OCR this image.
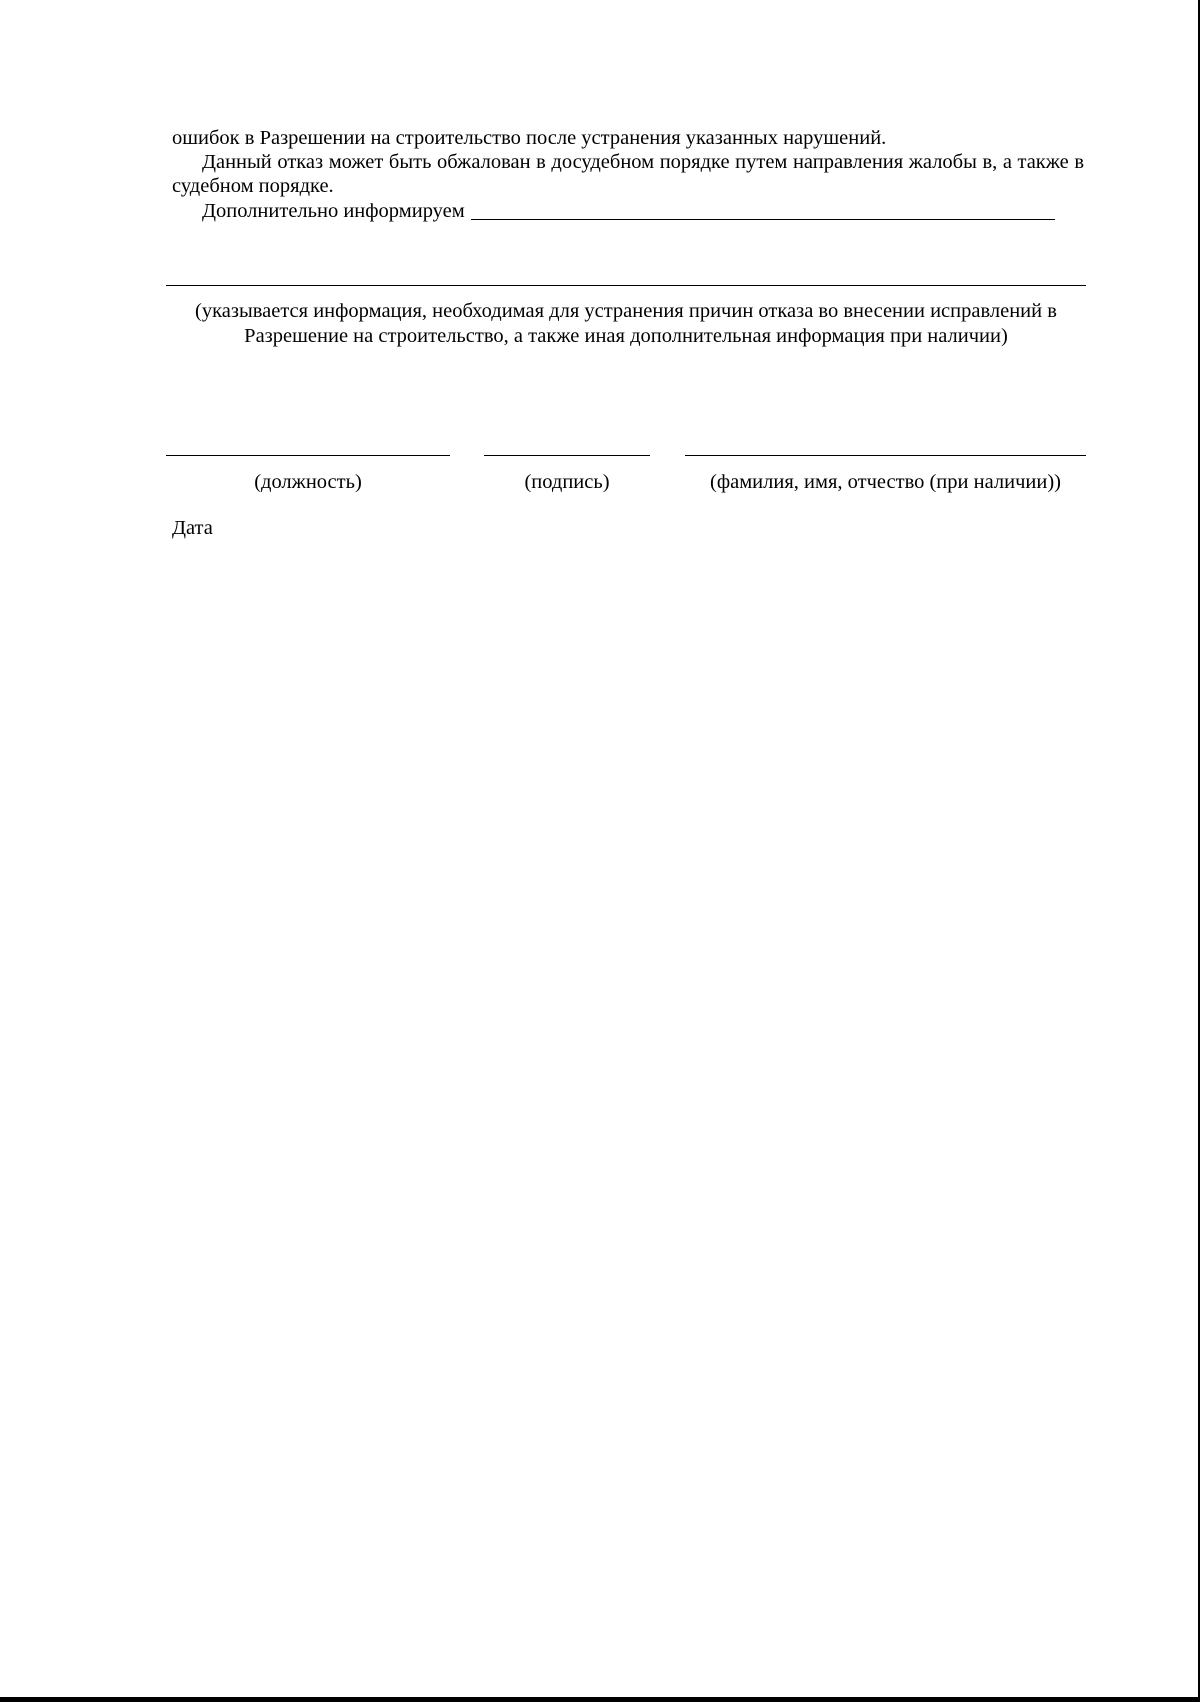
ошибок в Разрешении на строительство после устранения указанных нарушений.

Данный отказ может быть обжалован в досудебном порядке путем направления жалобы в, а также в судебном порядке.

Дополнительно информируем
(указывается информация, необходимая для устранения причин отказа во внесении исправлений в Разрешение на строительство, а также иная дополнительная информация при наличии)
(должность)	(подпись)	(фамилия, имя, отчество (при наличии))
Дата
